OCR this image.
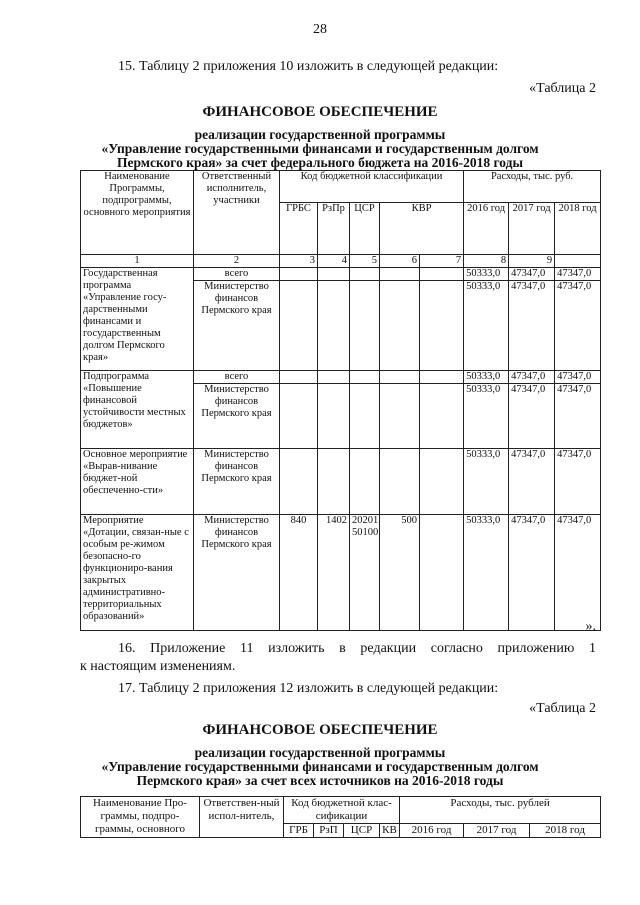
28
15. Таблицу 2 приложения 10 изложить в следующей редакции:
«Таблица 2
ФИНАНСОВОЕ ОБЕСПЕЧЕНИЕ
реализации государственной программы
«Управление государственными финансами и государственным долгом
Пермского края» за счет федерального бюджета на 2016-2018 годы
Наименование Программы, подпрограммы, основного мероприятия	Ответственный исполнитель, участники	Код бюджетной классификации					Расходы, тыс. руб.		
		ГРБС	РзПр	ЦСР	КВР		2016 год	2017 год	2018 год
1	2	3	4	5	6	7	8	9	
Государственная программа «Управление госу-дарственными финансами и государственным долгом Пермского края»	всего						50333,0	47347,0	47347,0
	Министерство финансов Пермского края						50333,0	47347,0	47347,0
Подпрограмма «Повышение финансовой устойчивости местных бюджетов»	всего						50333,0	47347,0	47347,0
	Министерство финансов Пермского края						50333,0	47347,0	47347,0
Основное мероприятие «Вырав-нивание бюджет-ной обеспеченно-сти»	Министерство финансов Пермского края						50333,0	47347,0	47347,0
Мероприятие «Дотации, связан-ные с особым ре-жимом безопасно-го функциониро-вания закрытых административно-территориальных образований»	Министерство финансов Пермского края	840	1402	20201 50100	500		50333,0	47347,0	47347,0
».
16. Приложение 11 изложить в редакции согласно приложению 1
к настоящим изменениям.
17. Таблицу 2 приложения 12 изложить в следующей редакции:
«Таблица 2
ФИНАНСОВОЕ ОБЕСПЕЧЕНИЕ
реализации государственной программы
«Управление государственными финансами и государственным долгом
Пермского края» за счет всех источников на 2016-2018 годы
Наименование Про-граммы, подпро-граммы, основного	Ответствен-ный испол-нитель,	Код бюджетной клас-сификации				Расходы, тыс. рублей		
		ГРБ	РзП	ЦСР	КВ	2016 год	2017 год	2018 год
